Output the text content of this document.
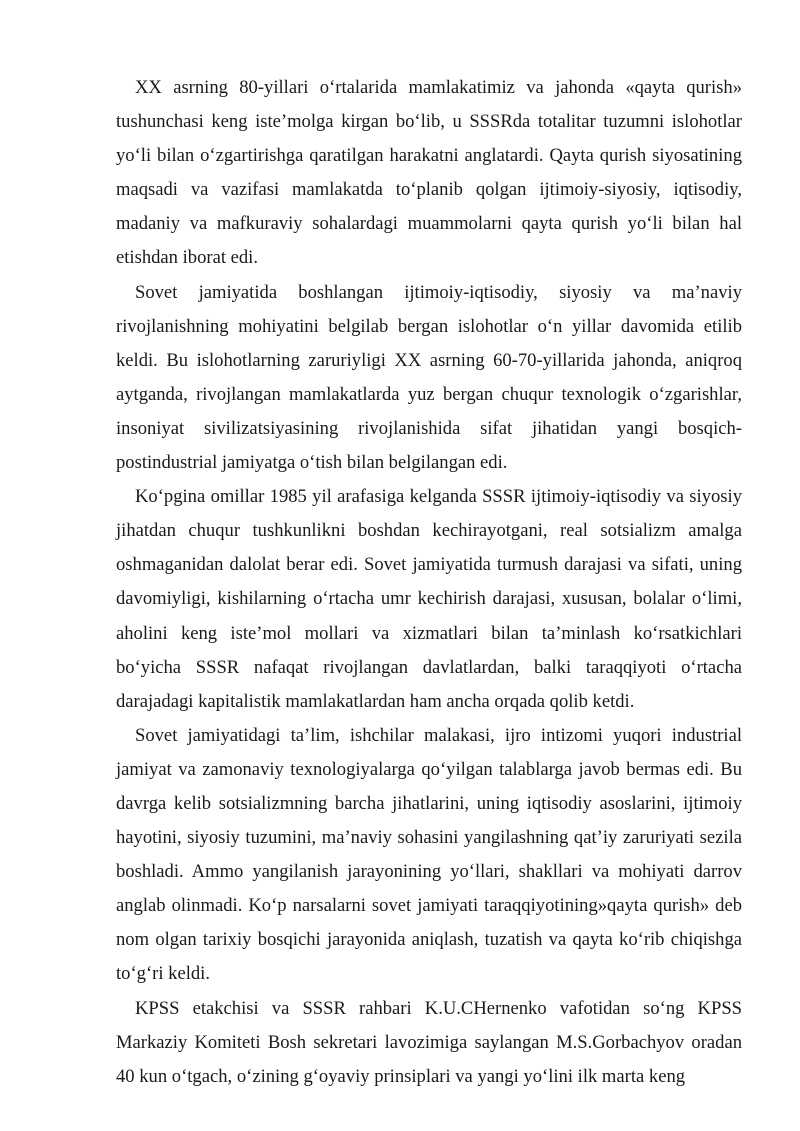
XX asrning 80-yillari o‘rtalarida mamlakatimiz va jahonda «qayta qurish» tushunchasi keng iste’molga kirgan bo‘lib, u SSSRda totalitar tuzumni islohotlar yo‘li bilan o‘zgartirishga qaratilgan harakatni anglatardi. Qayta qurish siyosatining maqsadi va vazifasi mamlakatda to‘planib qolgan ijtimoiy-siyosiy, iqtisodiy, madaniy va mafkuraviy sohalardagi muammolarni qayta qurish yo‘li bilan hal etishdan iborat edi.

Sovet jamiyatida boshlangan ijtimoiy-iqtisodiy, siyosiy va ma’naviy rivojlanishning mohiyatini belgilab bergan islohotlar o‘n yillar davomida etilib keldi. Bu islohotlarning zaruriyligi XX asrning 60-70-yillarida jahonda, aniqroq aytganda, rivojlangan mamlakatlarda yuz bergan chuqur texnologik o‘zgarishlar, insoniyat sivilizatsiyasining rivojlanishida sifat jihatidan yangi bosqich-postindustrial jamiyatga o‘tish bilan belgilangan edi.

Ko‘pgina omillar 1985 yil arafasiga kelganda SSSR ijtimoiy-iqtisodiy va siyosiy jihatdan chuqur tushkunlikni boshdan kechirayotgani, real sotsializm amalga oshmaganidan dalolat berar edi. Sovet jamiyatida turmush darajasi va sifati, uning davomiyligi, kishilarning o‘rtacha umr kechirish darajasi, xususan, bolalar o‘limi, aholini keng iste’mol mollari va xizmatlari bilan ta’minlash ko‘rsatkichlari bo‘yicha SSSR nafaqat rivojlangan davlatlardan, balki taraqqiyoti o‘rtacha darajadagi kapitalistik mamlakatlardan ham ancha orqada qolib ketdi.

Sovet jamiyatidagi ta’lim, ishchilar malakasi, ijro intizomi yuqori industrial jamiyat va zamonaviy texnologiyalarga qo‘yilgan talablarga javob bermas edi. Bu davrga kelib sotsializmning barcha jihatlarini, uning iqtisodiy asoslarini, ijtimoiy hayotini, siyosiy tuzumini, ma’naviy sohasini yangilashning qat’iy zaruriyati sezila boshladi. Ammo yangilanish jarayonining yo‘llari, shakllari va mohiyati darrov anglab olinmadi. Ko‘p narsalarni sovet jamiyati taraqqiyotining»qayta qurish» deb nom olgan tarixiy bosqichi jarayonida aniqlash, tuzatish va qayta ko‘rib chiqishga to‘g‘ri keldi.

KPSS etakchisi va SSSR rahbari K.U.CHernenko vafotidan so‘ng KPSS Markaziy Komiteti Bosh sekretari lavozimiga saylangan M.S.Gorbachyov oradan 40 kun o‘tgach, o‘zining g‘oyaviy prinsiplari va yangi yo‘lini ilk marta keng
